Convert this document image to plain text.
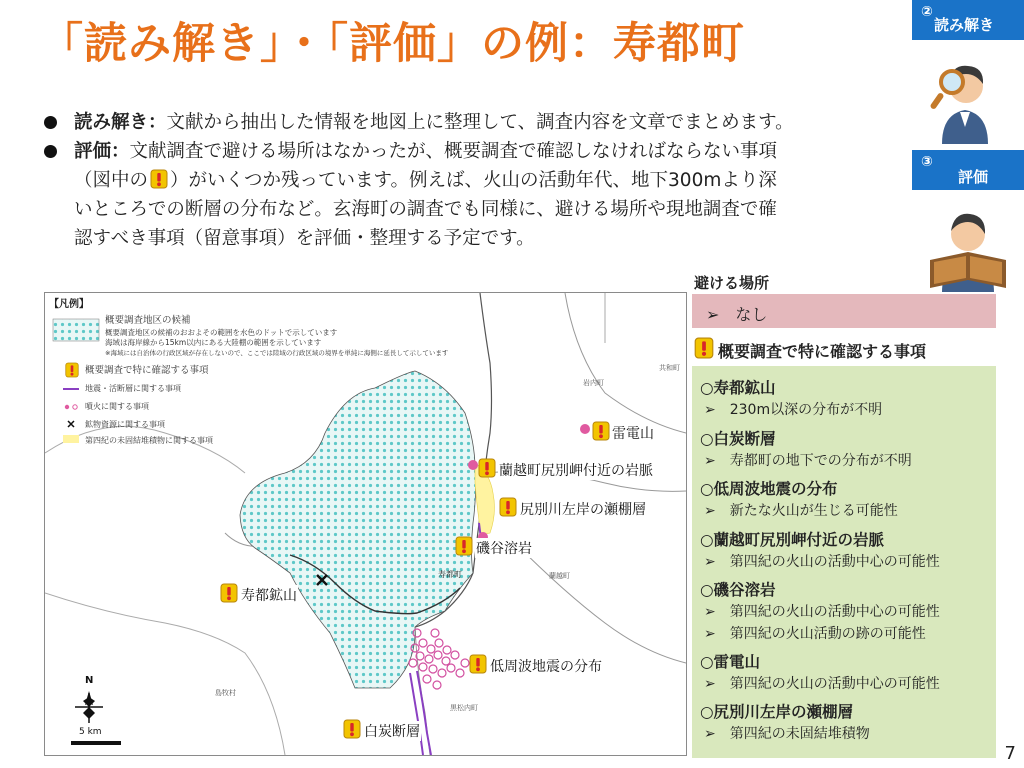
「読み解き」・「評価」の例：寿都町
読み解き：文献から抽出した情報を地図上に整理して、調査内容を文章でまとめます。
評価：文献調査で避ける場所はなかったが、概要調査で確認しなければならない事項
（図中の ）がいくつか残っています。例えば、火山の活動年代、地下300mより深
いところでの断層の分布など。玄海町の調査でも同様に、避ける場所や現地調査で確
認すべき事項（留意事項）を評価・整理する予定です。
②
読み解き
③
評価
【凡例】
概要調査地区の候補
概要調査地区の候補のおおよその範囲を水色のドットで示しています
海域は海岸線から15km以内にある大陸棚の範囲を示しています
※海域には自治体の行政区域が存在しないので、ここでは陸域の行政区域の境界を単純に海側に延長して示しています
概要調査で特に確認する事項
地震・活断層に関する事項
噴火に関する事項
鉱物資源に関する事項
第四紀の未固結堆積物に関する事項	雷電山
蘭越町尻別岬付近の岩脈
尻別川左岸の瀬棚層
磯谷溶岩
寿都鉱山
低周波地震の分布
白炭断層
寿都町	蘭越町
岩内町
共和町
黒松内町
島牧村
N
5 km
避ける場所
➢　なし
概要調査で特に確認する事項
○寿都鉱山
➢　230m以深の分布が不明
○白炭断層
➢　寿都町の地下での分布が不明
○低周波地震の分布
➢　新たな火山が生じる可能性
○蘭越町尻別岬付近の岩脈
➢　第四紀の火山の活動中心の可能性
○磯谷溶岩
➢　第四紀の火山の活動中心の可能性
➢　第四紀の火山活動の跡の可能性
○雷電山
➢　第四紀の火山の活動中心の可能性
○尻別川左岸の瀬棚層
➢　第四紀の未固結堆積物
7
